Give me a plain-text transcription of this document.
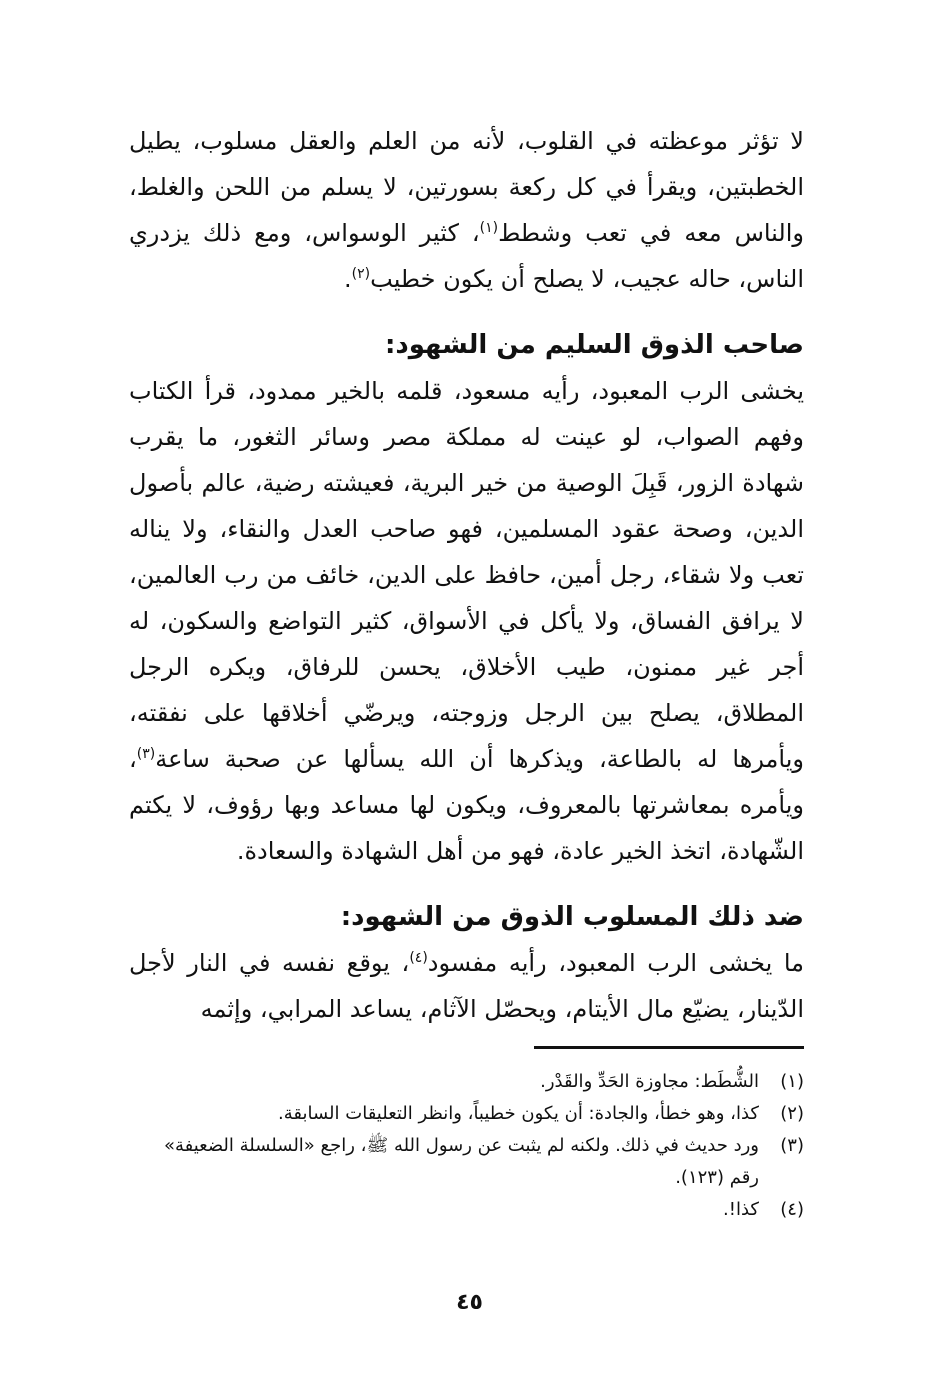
لا تؤثر موعظته في القلوب، لأنه من العلم والعقل مسلوب، يطيل الخطبتين، ويقرأ في كل ركعة بسورتين، لا يسلم من اللحن والغلط، والناس معه في تعب وشطط$^{(١)}$، كثير الوسواس، ومع ذلك يزدري الناس، حاله عجيب، لا يصلح أن يكون خطيب$^{(٢)}$.

صاحب الذوق السليم من الشهود:

يخشى الرب المعبود، رأيه مسعود، قلمه بالخير ممدود، قرأ الكتاب وفهم الصواب، لو عينت له مملكة مصر وسائر الثغور، ما يقرب شهادة الزور، قَبِلَ الوصية من خير البرية، فعيشته رضية، عالم بأصول الدين، وصحة عقود المسلمين، فهو صاحب العدل والنقاء، ولا يناله تعب ولا شقاء، رجل أمين، حافظ على الدين، خائف من رب العالمين، لا يرافق الفساق، ولا يأكل في الأسواق، كثير التواضع والسكون، له أجر غير ممنون، طيب الأخلاق، يحسن للرفاق، ويكره الرجل المطلاق، يصلح بين الرجل وزوجته، ويرضّي أخلاقها على نفقته، ويأمرها له بالطاعة، ويذكرها أن الله يسألها عن صحبة ساعة$^{(٣)}$، ويأمره بمعاشرتها بالمعروف، ويكون لها مساعد وبها رؤوف، لا يكتم الشّهادة، اتخذ الخير عادة، فهو من أهل الشهادة والسعادة.

ضد ذلك المسلوب الذوق من الشهود:

ما يخشى الرب المعبود، رأيه مفسود$^{(٤)}$، يوقع نفسه في النار لأجل الدّينار، يضيّع مال الأيتام، ويحصّل الآثام، يساعد المرابي، وإثمه

(١)الشُّطَط: مجاوزة الحَدِّ والقَدْر.

(٢)كذا، وهو خطأ، والجادة: أن يكون خطيباً، وانظر التعليقات السابقة.

(٣)ورد حديث في ذلك. ولكنه لم يثبت عن رسول الله ﷺ، راجع «السلسلة الضعيفة» رقم (١٢٣).

(٤)كذا!.

٤٥
